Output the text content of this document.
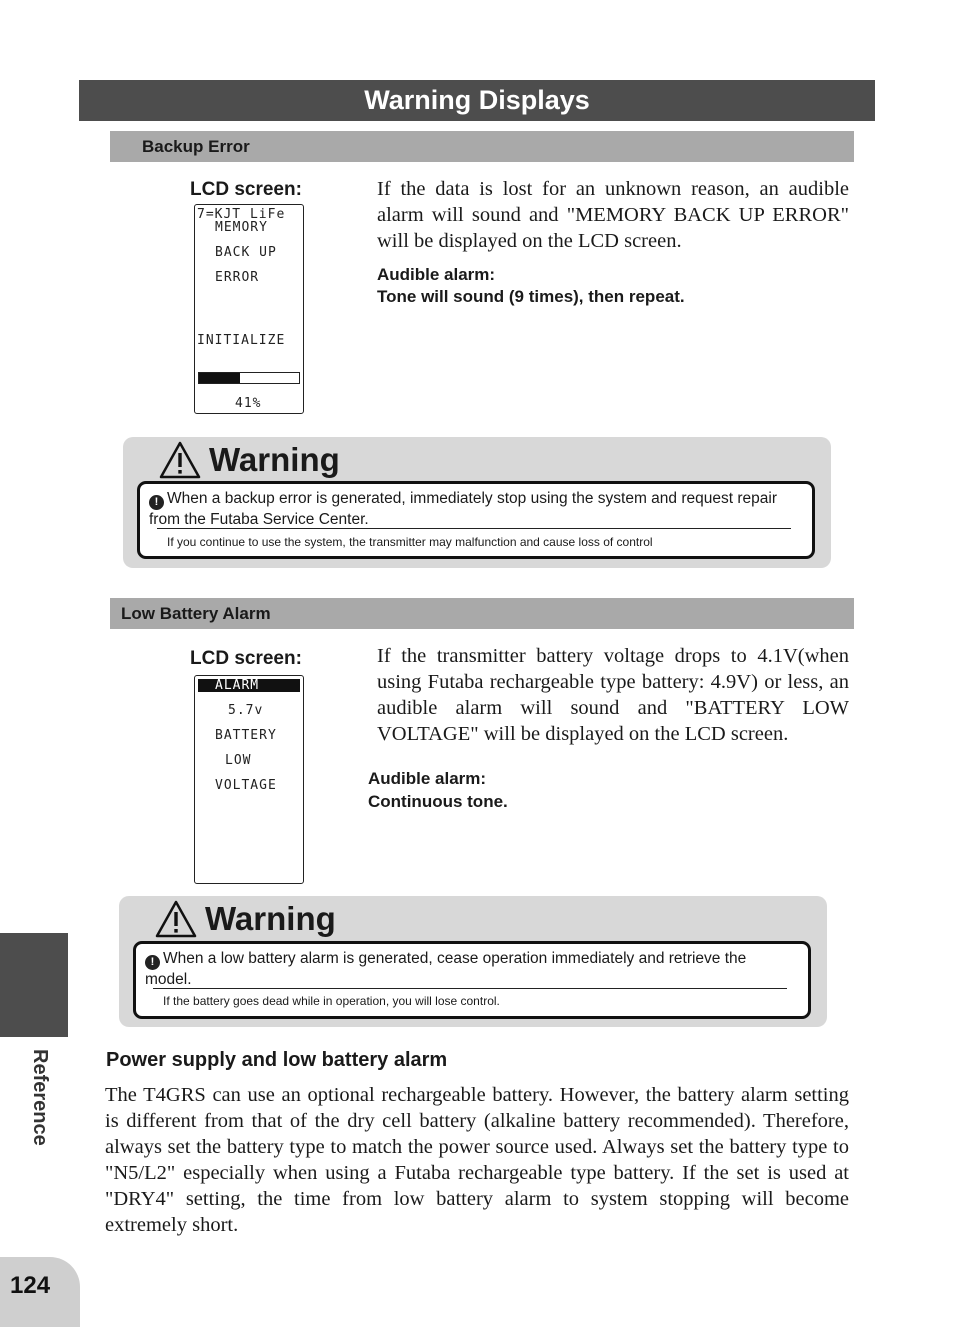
Warning Displays
Backup Error
LCD screen:
7=KJT LiFe
MEMORY
BACK UP
ERROR
INITIALIZE
41%
If the data is lost for an unknown reason, an audible alarm will sound and "MEMORY BACK UP ERROR" will be displayed on the LCD screen.
Audible alarm:
Tone will sound (9 times), then repeat.
Warning
! When a backup error is generated, immediately stop using the system and request repair from the Futaba Service Center.
If you continue to use the system, the transmitter may malfunction and cause loss of control
Low Battery Alarm
LCD screen:
ALARM
5.7v
BATTERY
LOW
VOLTAGE
If the transmitter battery voltage drops to 4.1V(when using Futaba rechargeable type battery: 4.9V) or less, an audible alarm will sound and "BATTERY LOW VOLTAGE" will be displayed on the LCD screen.
Audible alarm:
Continuous tone.
Warning
! When a low battery alarm is generated, cease operation immediately and retrieve the model.
If the battery goes dead while in operation, you will lose control.
Power supply and low battery alarm
The T4GRS can use an optional rechargeable battery. However, the battery alarm setting is different from that of the dry cell battery (alkaline battery recommended). Therefore, always set the battery type to match the power source used. Always set the battery type to "N5/L2" especially when using a Futaba rechargeable type battery. If the set is used at "DRY4" setting, the time from low battery alarm to system stopping will become extremely short.
Reference
124
